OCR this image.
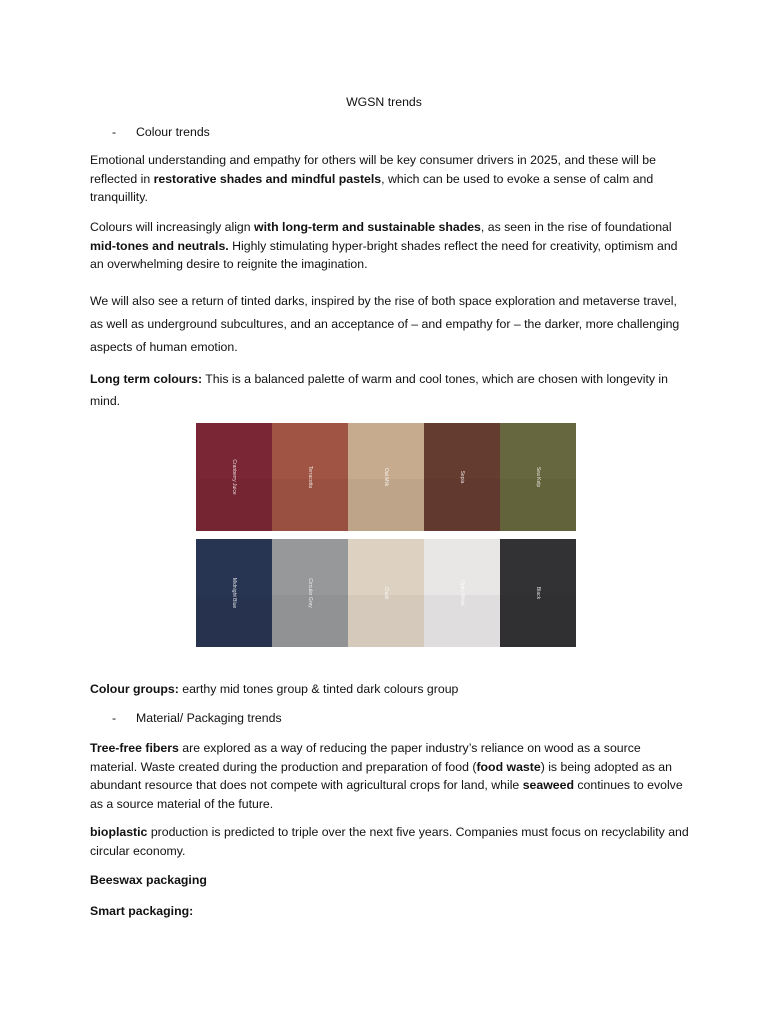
WGSN trends
- Colour trends
Emotional understanding and empathy for others will be key consumer drivers in 2025, and these will be reflected in restorative shades and mindful pastels, which can be used to evoke a sense of calm and tranquillity.
Colours will increasingly align with long-term and sustainable shades, as seen in the rise of foundational mid-tones and neutrals. Highly stimulating hyper-bright shades reflect the need for creativity, optimism and an overwhelming desire to reignite the imagination.
We will also see a return of tinted darks, inspired by the rise of both space exploration and metaverse travel, as well as underground subcultures, and an acceptance of – and empathy for – the darker, more challenging aspects of human emotion.
Long term colours: This is a balanced palette of warm and cool tones, which are chosen with longevity in mind.
Cranberry Juice	Terracotta	Oat Milk	Sepia	Sea Kelp
Midnight Blue	Circular Grey	Chalk	Optic White	Black
Colour groups: earthy mid tones group & tinted dark colours group
- Material/ Packaging trends
Tree-free fibers are explored as a way of reducing the paper industry’s reliance on wood as a source material. Waste created during the production and preparation of food (food waste) is being adopted as an abundant resource that does not compete with agricultural crops for land, while seaweed continues to evolve as a source material of the future.
bioplastic production is predicted to triple over the next five years. Companies must focus on recyclability and circular economy.
Beeswax packaging
Smart packaging:
